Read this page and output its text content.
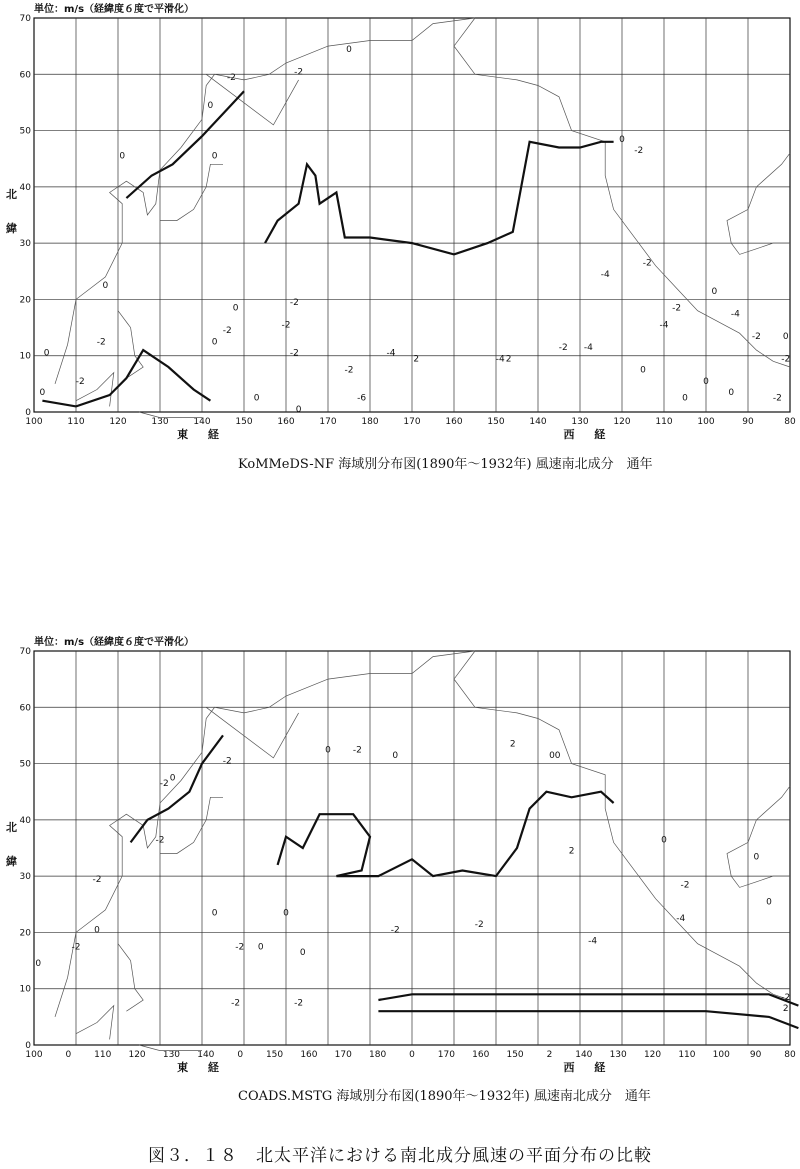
単位：m/s（経緯度６度で平滑化）
70
60
50
40
30
20
10
0
100	110	120	130	140	150	160	170	180	170	160	150	140	130	120	110	100	90	80
東 経	西 経
北
緯
0
-2
-2
0
0
0
0
-2
0
-2
0
-2
-2
-2
-2
0
0
-2
0
0
-6
-4
2	-4 2
-2 -4
-2
-4
-2
0
-2
-4
-2
0
0
0
0	-2
-2
0
0
-4
KoMMeDS-NF 海域別分布図(1890年～1932年) 風速南北成分　通年
単位：m/s（経緯度６度で平滑化）
70
60
50
40
30
20
10
0
100	0	110 120 130 140	0	150 160 170 180	0	170 160 150	2	140 130 120 110 100 90	80
東 経	西 経
北
緯
-2
0
-2
0
-2
-2
0
-2 0
0
-2
-2
0
-2
0
0 -2
0
2
00
2
0
-2
-4
-4
-2
-2
0
0
-2
2
COADS.MSTG 海域別分布図(1890年～1932年) 風速南北成分　通年
図３．１８　北太平洋における南北成分風速の平面分布の比較
